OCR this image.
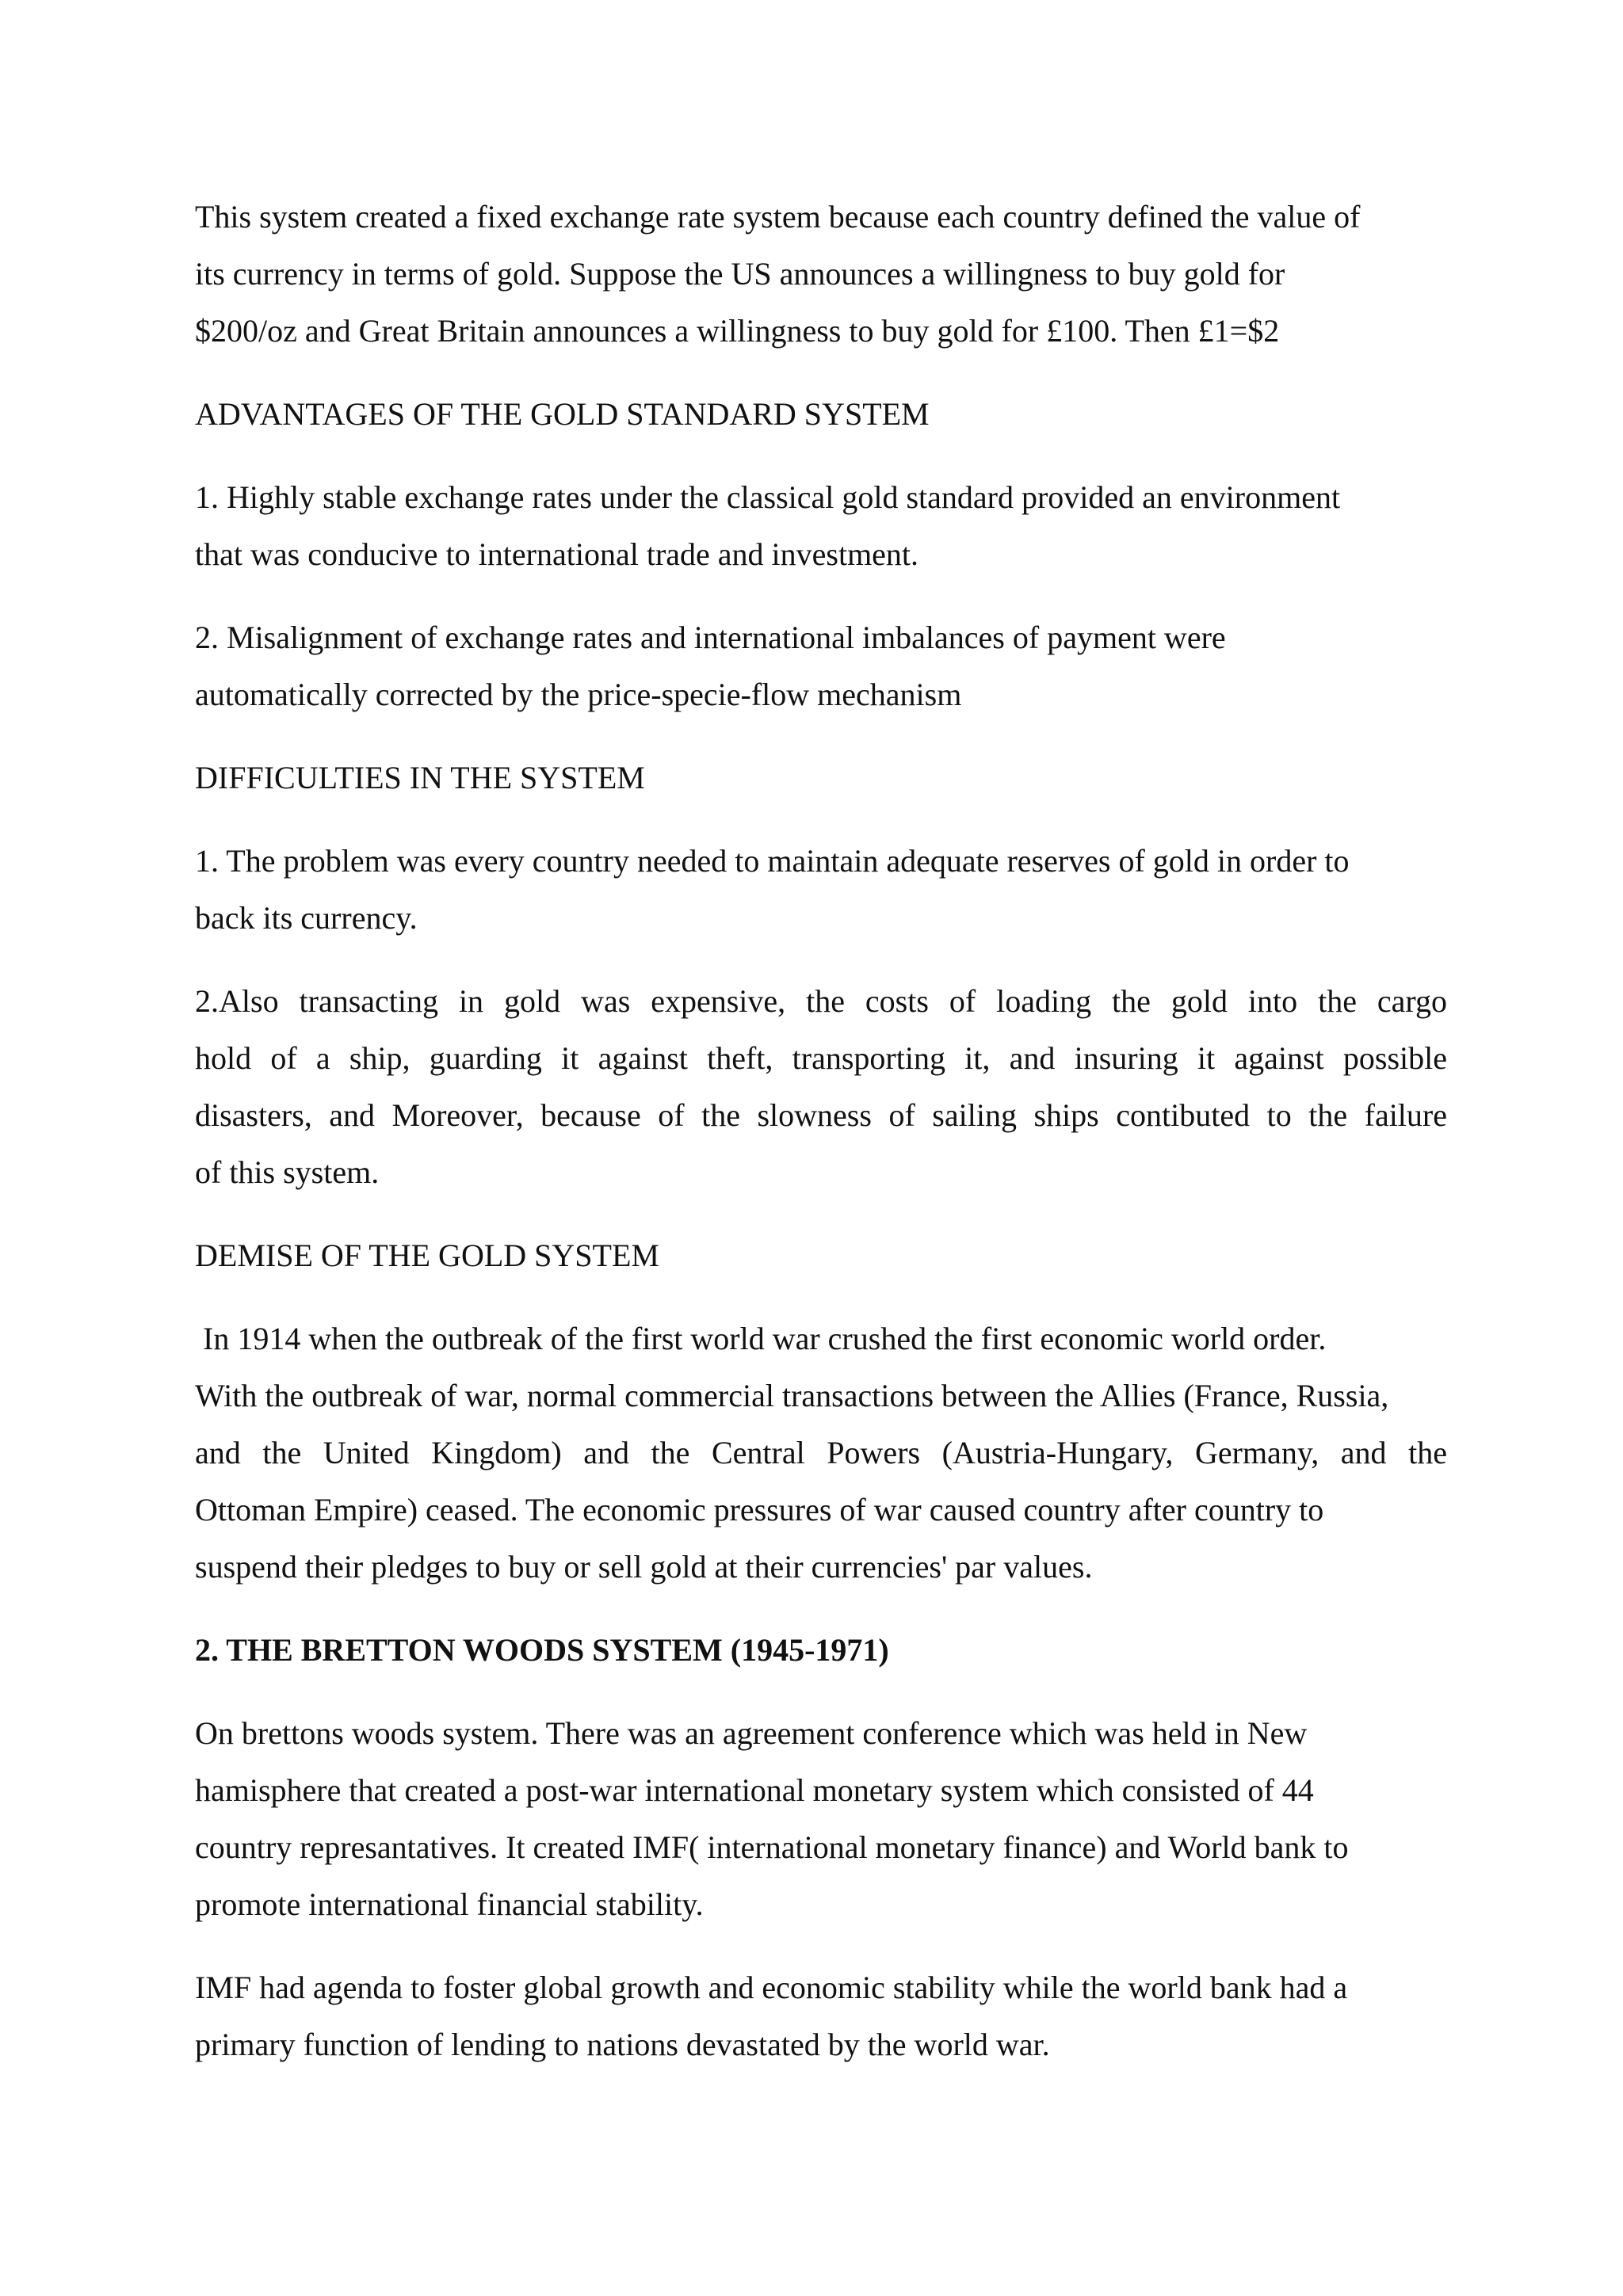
This system created a fixed exchange rate system because each country defined the value of
its currency in terms of gold. Suppose the US announces a willingness to buy gold for
$200/oz and Great Britain announces a willingness to buy gold for £100. Then £1=$2

ADVANTAGES OF THE GOLD STANDARD SYSTEM

1. Highly stable exchange rates under the classical gold standard provided an environment
that was conducive to international trade and investment.

2. Misalignment of exchange rates and international imbalances of payment were
automatically corrected by the price-specie-flow mechanism

DIFFICULTIES IN THE SYSTEM

1. The problem was every country needed to maintain adequate reserves of gold in order to
back its currency.

2.Also transacting in gold was expensive, the costs of loading the gold into the cargo
hold of a ship, guarding it against theft, transporting it, and insuring it against possible
disasters, and Moreover, because of the slowness of sailing ships contibuted to the failure
of this system.

DEMISE OF THE GOLD SYSTEM

In 1914 when the outbreak of the first world war crushed the first economic world order.
With the outbreak of war, normal commercial transactions between the Allies (France, Russia,
and the United Kingdom) and the Central Powers (Austria-Hungary, Germany, and the
Ottoman Empire) ceased. The economic pressures of war caused country after country to
suspend their pledges to buy or sell gold at their currencies' par values.

2. THE BRETTON WOODS SYSTEM (1945-1971)

On brettons woods system. There was an agreement conference which was held in New
hamisphere that created a post-war international monetary system which consisted of 44
country represantatives. It created IMF( international monetary finance) and World bank to
promote international financial stability.

IMF had agenda to foster global growth and economic stability while the world bank had a
primary function of lending to nations devastated by the world war.
